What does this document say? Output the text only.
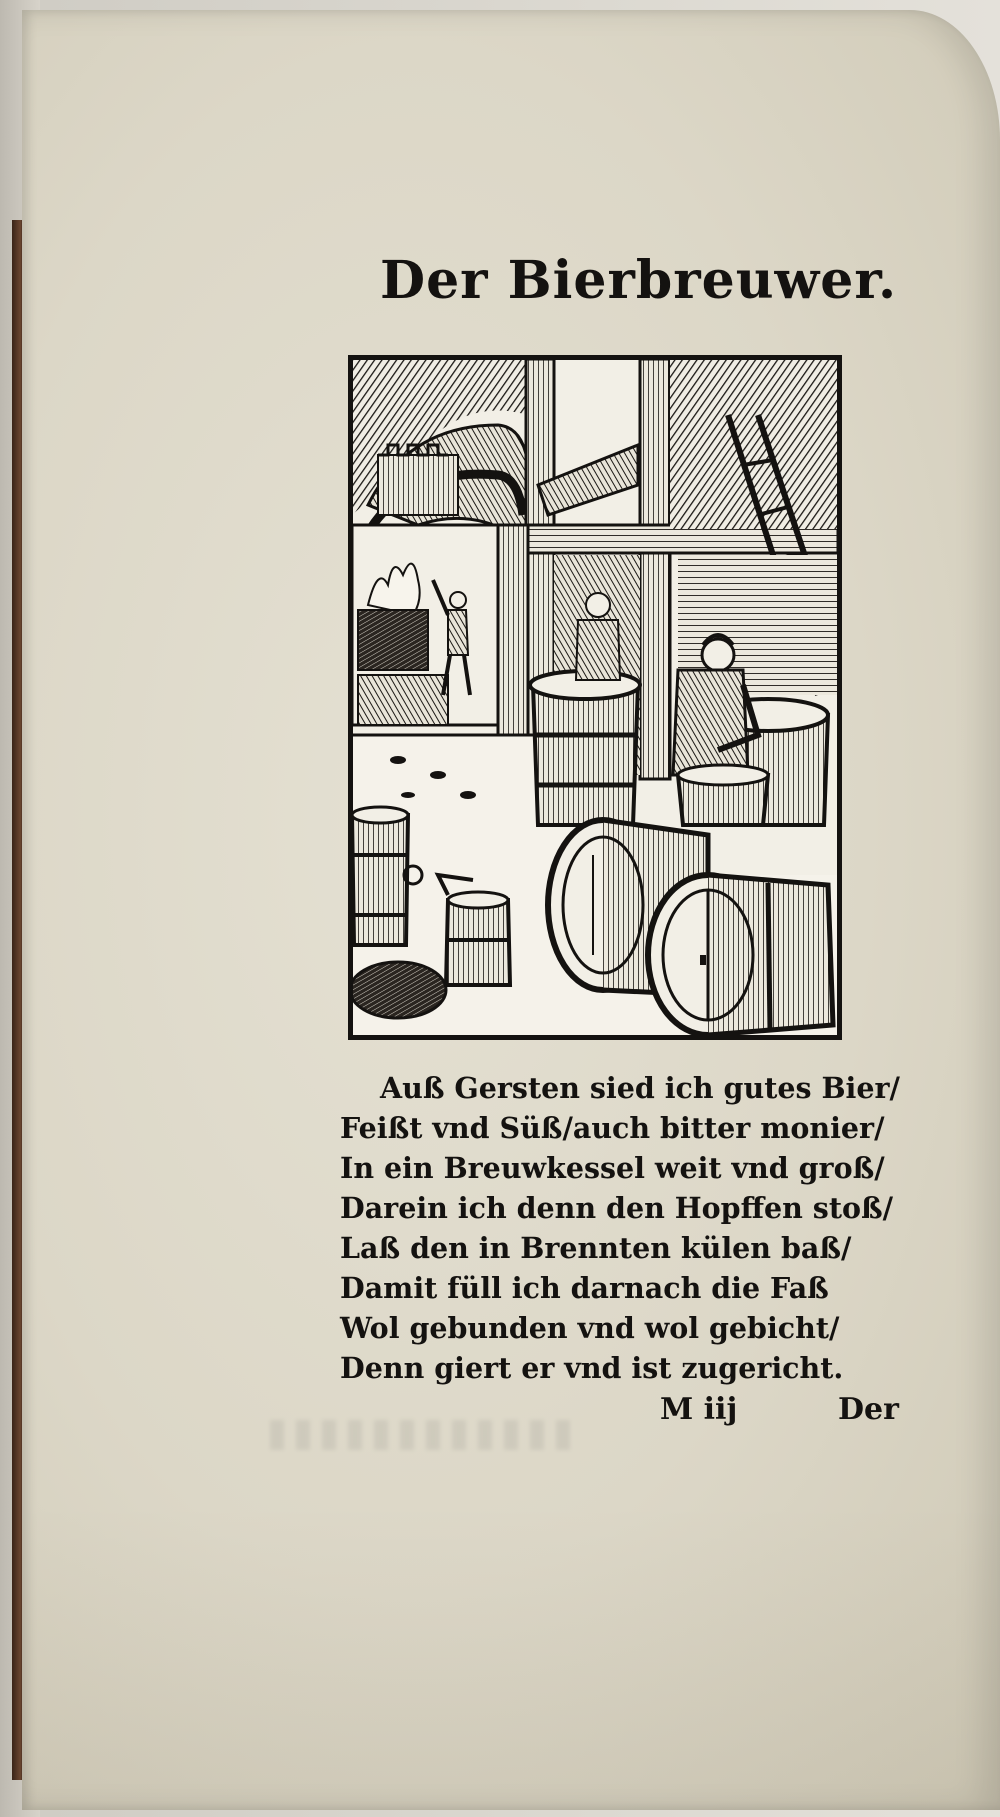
Der Bierbreuwer.
Auß Gersten sied ich gutes Bier/
Feißt vnd Süß/auch bitter monier/
In ein Breuwkessel weit vnd groß/
Darein ich denn den Hopffen stoß/
Laß den in Brennten külen baß/
Damit füll ich darnach die Faß
Wol gebunden vnd wol gebicht/
Denn giert er vnd ist zugericht.
M iij	Der
